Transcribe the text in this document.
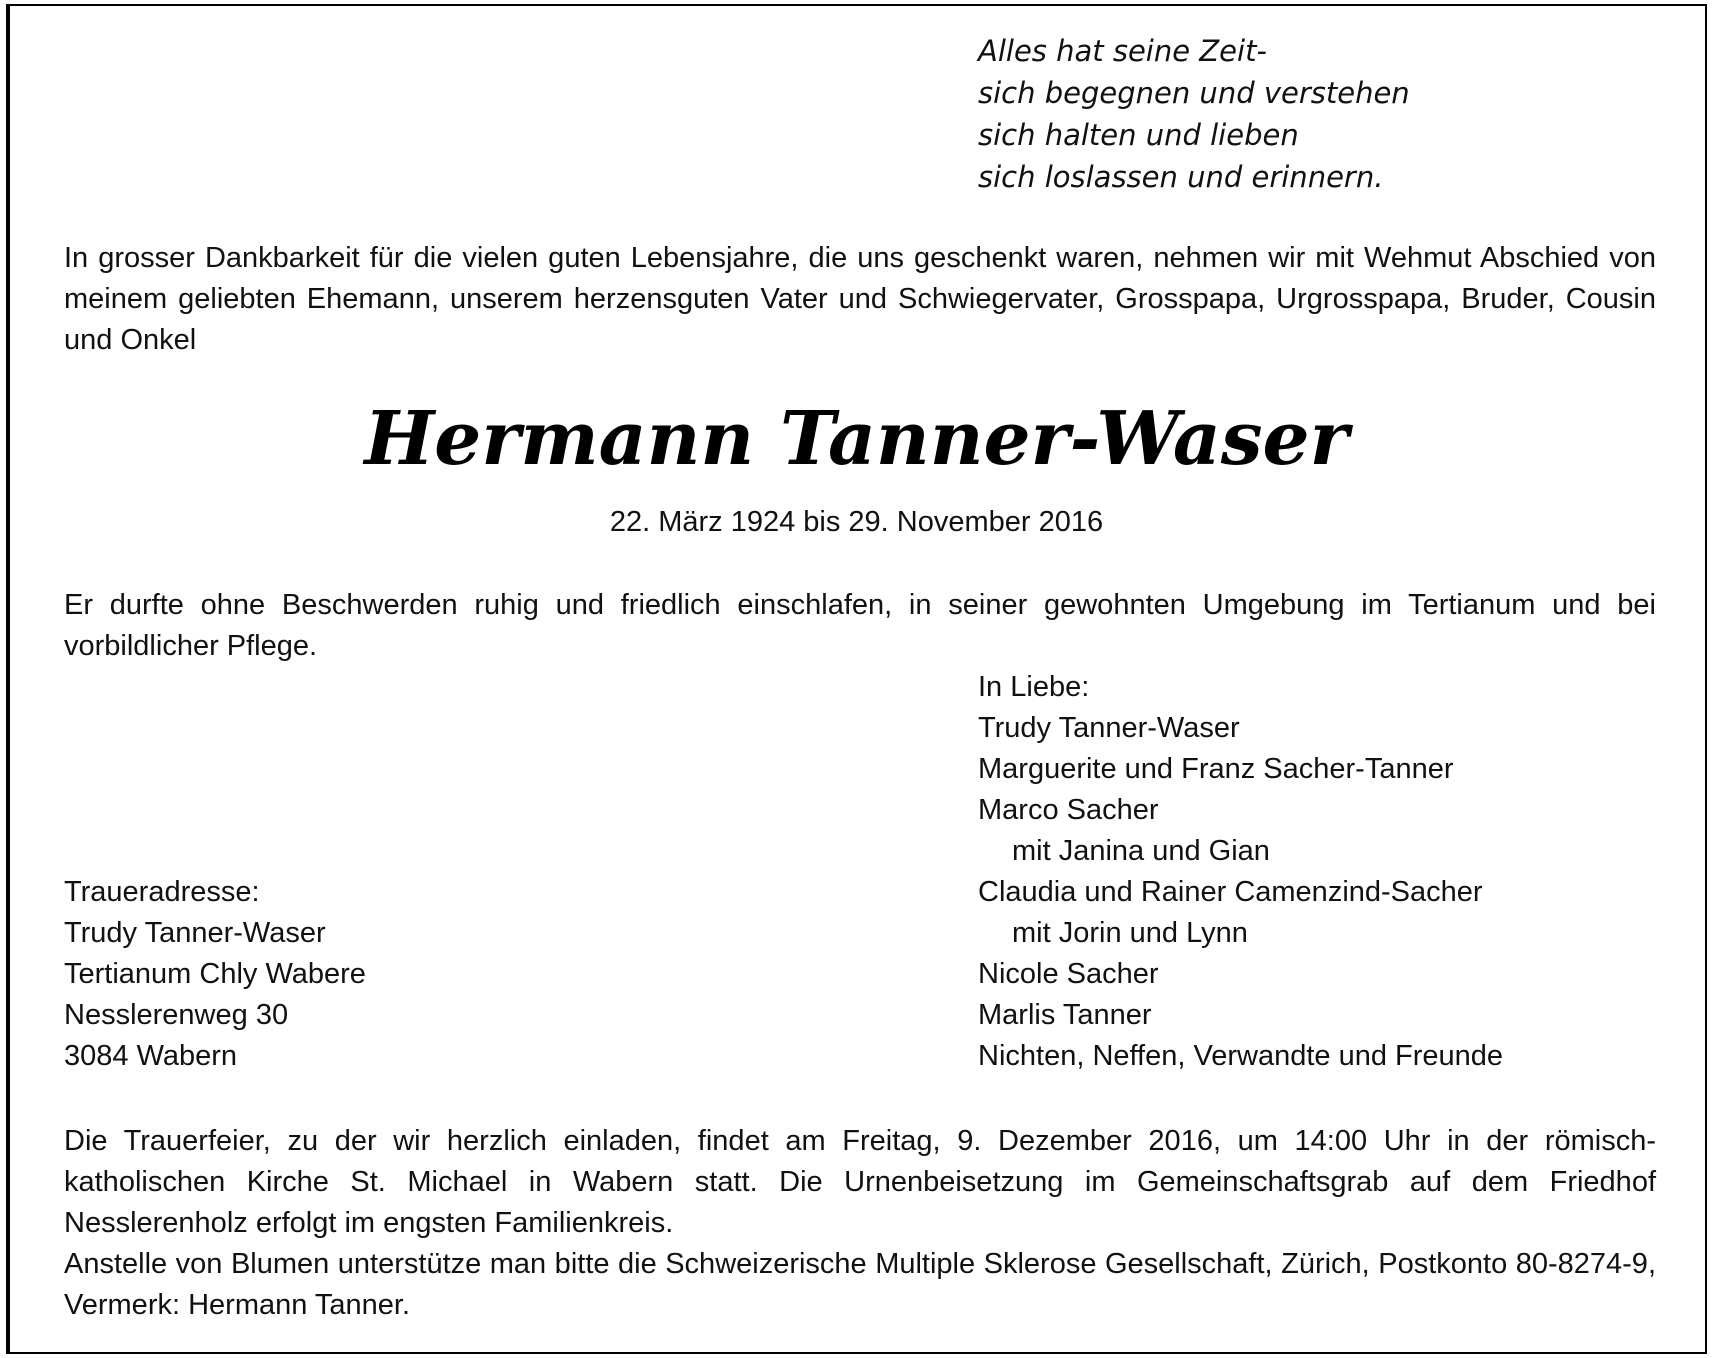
Alles hat seine Zeit-
sich begegnen und verstehen
sich halten und lieben
sich loslassen und erinnern.
In grosser Dankbarkeit für die vielen guten Lebensjahre, die uns geschenkt waren, nehmen wir mit Wehmut Abschied von meinem geliebten Ehemann, unserem herzensguten Vater und Schwiegervater, Grosspapa, Urgrosspapa, Bruder, Cousin und Onkel
Hermann Tanner-Waser
22. März 1924 bis 29. November 2016
Er durfte ohne Beschwerden ruhig und friedlich einschlafen, in seiner gewohnten Umgebung im Tertianum und bei vorbildlicher Pflege.
In Liebe:
Trudy Tanner-Waser
Marguerite und Franz Sacher-Tanner
Marco Sacher
mit Janina und Gian
Claudia und Rainer Camenzind-Sacher
mit Jorin und Lynn
Nicole Sacher
Marlis Tanner
Nichten, Neffen, Verwandte und Freunde
Traueradresse:
Trudy Tanner-Waser
Tertianum Chly Wabere
Nesslerenweg 30
3084 Wabern
Die Trauerfeier, zu der wir herzlich einladen, findet am Freitag, 9. Dezember 2016, um 14:00 Uhr in der römisch-katholischen Kirche St. Michael in Wabern statt. Die Urnenbeisetzung im Gemeinschaftsgrab auf dem Friedhof Nesslerenholz erfolgt im engsten Familienkreis.
Anstelle von Blumen unterstütze man bitte die Schweizerische Multiple Sklerose Gesellschaft, Zürich, Postkonto 80-8274-9, Vermerk: Hermann Tanner.
